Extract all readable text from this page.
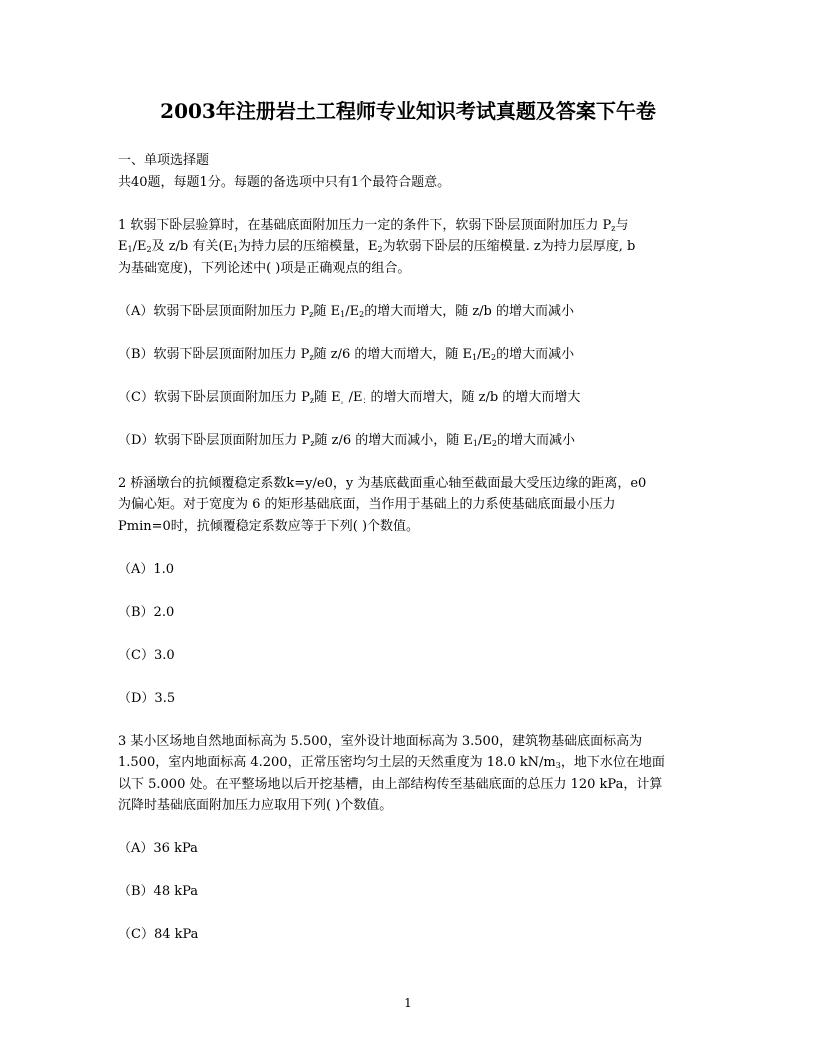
2003年注册岩土工程师专业知识考试真题及答案下午卷

一、单项选择题

共40题，每题1分。每题的备选项中只有1个最符合题意。

1 软弱下卧层验算时，在基础底面附加压力一定的条件下，软弱下卧层顶面附加压力 $P_z$与

$E_1/E_2$及 z/b 有关($E_1$为持力层的压缩模量，$E_2$为软弱下卧层的压缩模量. z为持力层厚度, b

为基础宽度)，下列论述中( )项是正确观点的组合。

（A）软弱下卧层顶面附加压力 $P_z$随 $E_1/E_2$的增大而增大，随 z/b 的增大而减小

（B）软弱下卧层顶面附加压力 $P_z$随 z/6 的增大而增大，随 $E_1/E_2$的增大而减小

（C）软弱下卧层顶面附加压力 $P_z$随 $E_。/E_:$的增大而增大，随 z/b 的增大而增大

（D）软弱下卧层顶面附加压力 $P_z$随 z/6 的增大而减小，随 $E_1/E_2$的增大而减小

2 桥涵墩台的抗倾覆稳定系数k=y/e0，y 为基底截面重心轴至截面最大受压边缘的距离，e0

为偏心矩。对于宽度为 6 的矩形基础底面，当作用于基础上的力系使基础底面最小压力

Pmin=0时，抗倾覆稳定系数应等于下列( )个数值。

（A）1.0

（B）2.0

（C）3.0

（D）3.5

3 某小区场地自然地面标高为 5.500，室外设计地面标高为 3.500，建筑物基础底面标高为

1.500，室内地面标高 4.200，正常压密均匀土层的天然重度为 18.0 $kN/m_3$，地下水位在地面

以下 5.000 处。在平整场地以后开挖基槽，由上部结构传至基础底面的总压力 120 kPa，计算

沉降时基础底面附加压力应取用下列( )个数值。

（A）36 kPa

（B）48 kPa

（C）84 kPa

1
